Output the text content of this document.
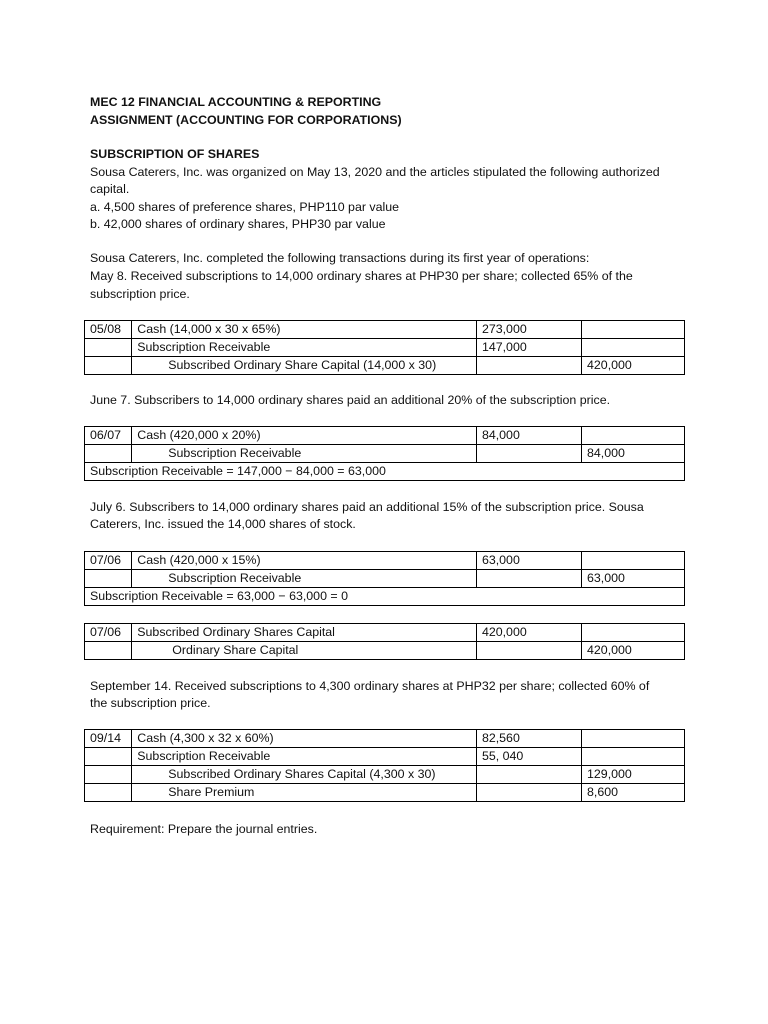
MEC 12 FINANCIAL ACCOUNTING & REPORTING

ASSIGNMENT (ACCOUNTING FOR CORPORATIONS)

SUBSCRIPTION OF SHARES

Sousa Caterers, Inc. was organized on May 13, 2020 and the articles stipulated the following authorized

capital.

a. 4,500 shares of preference shares, PHP110 par value

b. 42,000 shares of ordinary shares, PHP30 par value

Sousa Caterers, Inc. completed the following transactions during its first year of operations:

May 8. Received subscriptions to 14,000 ordinary shares at PHP30 per share; collected 65% of the

subscription price.

05/08	Cash (14,000 x 30 x 65%)	273,000	
	Subscription Receivable	147,000	
	Subscribed Ordinary Share Capital (14,000 x 30)		420,000

June 7. Subscribers to 14,000 ordinary shares paid an additional 20% of the subscription price.

06/07	Cash (420,000 x 20%)	84,000	
	Subscription Receivable		84,000
Subscription Receivable = 147,000 − 84,000 = 63,000			

July 6. Subscribers to 14,000 ordinary shares paid an additional 15% of the subscription price. Sousa

Caterers, Inc. issued the 14,000 shares of stock.

07/06	Cash (420,000 x 15%)	63,000	
	Subscription Receivable		63,000
Subscription Receivable = 63,000 − 63,000 = 0			
07/06	Subscribed Ordinary Shares Capital	420,000	
	Ordinary Share Capital		420,000

September 14. Received subscriptions to 4,300 ordinary shares at PHP32 per share; collected 60% of

the subscription price.

09/14	Cash (4,300 x 32 x 60%)	82,560	
	Subscription Receivable	55, 040	
	Subscribed Ordinary Shares Capital (4,300 x 30)		129,000
	Share Premium		8,600

Requirement: Prepare the journal entries.
